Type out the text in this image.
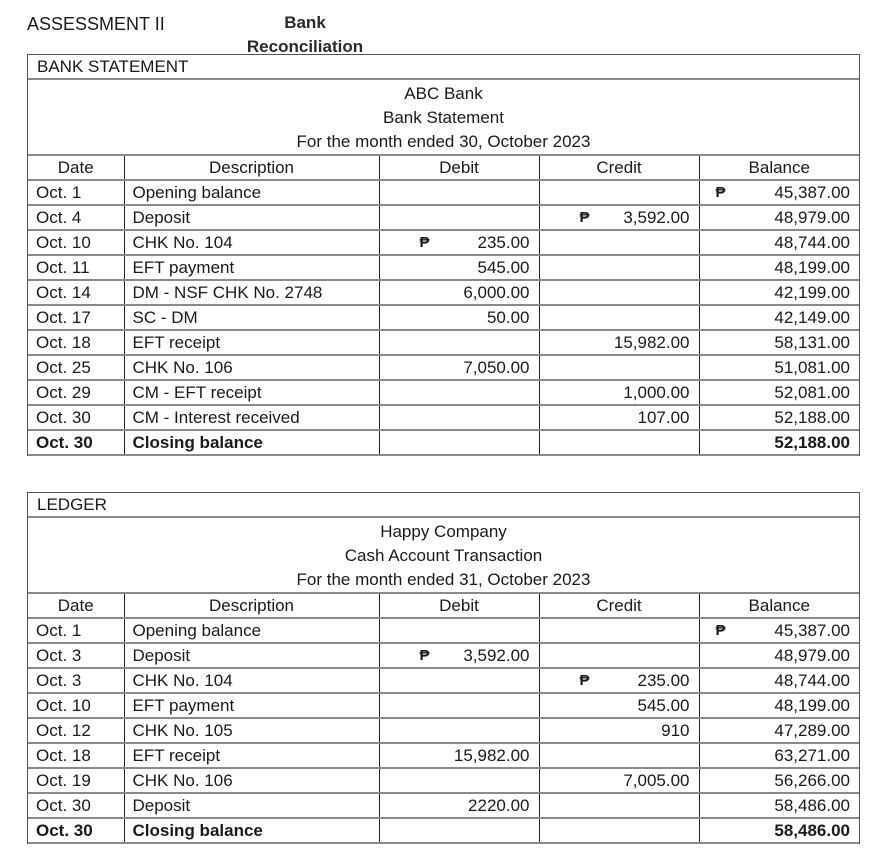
ASSESSMENT II	Bank Reconciliation
BANK STATEMENT
ABC Bank
Bank Statement
For the month ended 30, October 2023
Date	Description	Debit	Credit	Balance
Oct. 1	Opening balance			₱ 45,387.00
Oct. 4	Deposit		₱ 3,592.00	48,979.00
Oct. 10	CHK No. 104	₱ 235.00		48,744.00
Oct. 11	EFT payment	545.00		48,199.00
Oct. 14	DM - NSF CHK No. 2748	6,000.00		42,199.00
Oct. 17	SC - DM	50.00		42,149.00
Oct. 18	EFT receipt		15,982.00	58,131.00
Oct. 25	CHK No. 106	7,050.00		51,081.00
Oct. 29	CM - EFT receipt		1,000.00	52,081.00
Oct. 30	CM - Interest received		107.00	52,188.00
Oct. 30	Closing balance			52,188.00
LEDGER
Happy Company
Cash Account Transaction
For the month ended 31, October 2023
Date	Description	Debit	Credit	Balance
Oct. 1	Opening balance			₱ 45,387.00
Oct. 3	Deposit	₱ 3,592.00		48,979.00
Oct. 3	CHK No. 104		₱ 235.00	48,744.00
Oct. 10	EFT payment		545.00	48,199.00
Oct. 12	CHK No. 105		910	47,289.00
Oct. 18	EFT receipt	15,982.00		63,271.00
Oct. 19	CHK No. 106		7,005.00	56,266.00
Oct. 30	Deposit	2220.00		58,486.00
Oct. 30	Closing balance			58,486.00
